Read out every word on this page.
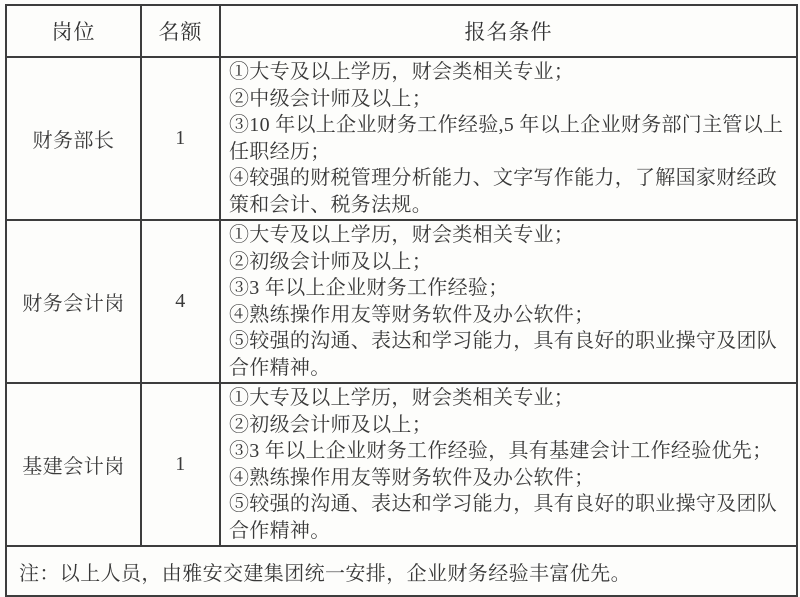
岗位	名额	报名条件
财务部长	1	①大专及以上学历，财会类相关专业；
②中级会计师及以上；
③10 年以上企业财务工作经验,5 年以上企业财务部门主管以上任职经历；
④较强的财税管理分析能力、文字写作能力，了解国家财经政策和会计、税务法规。

财务会计岗	4	①大专及以上学历，财会类相关专业；
②初级会计师及以上；
③3 年以上企业财务工作经验；
④熟练操作用友等财务软件及办公软件；
⑤较强的沟通、表达和学习能力，具有良好的职业操守及团队合作精神。

基建会计岗	1	①大专及以上学历，财会类相关专业；
②初级会计师及以上；
③3 年以上企业财务工作经验，具有基建会计工作经验优先；
④熟练操作用友等财务软件及办公软件；
⑤较强的沟通、表达和学习能力，具有良好的职业操守及团队合作精神。

注：以上人员，由雅安交建集团统一安排，企业财务经验丰富优先。		
